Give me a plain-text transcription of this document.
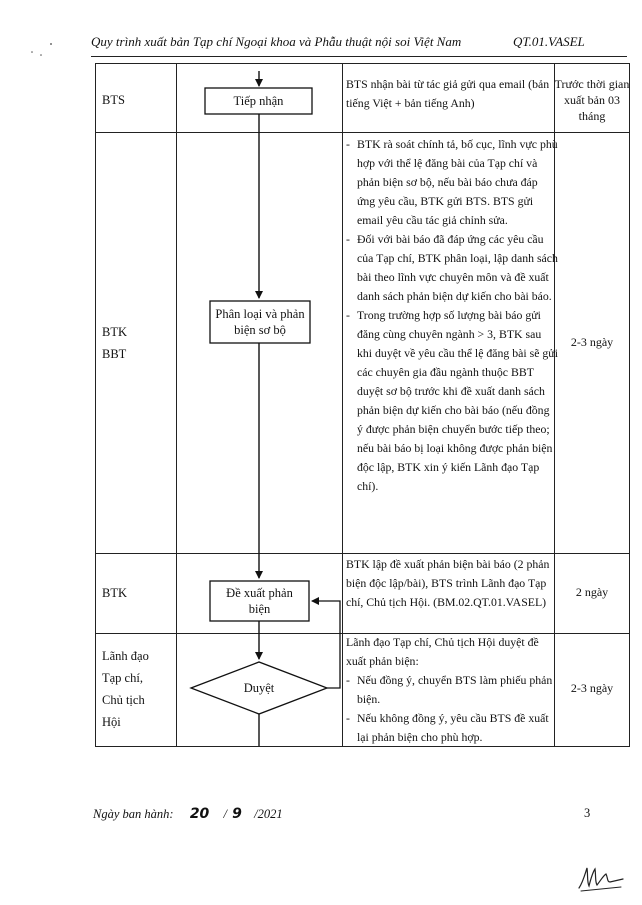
Quy trình xuất bản Tạp chí Ngoại khoa và Phẫu thuật nội soi Việt Nam	QT.01.VASEL
Tiếp nhận
Phân loại và phản biện sơ bộ
Đề xuất phản biện
Duyệt
BTS

BTS nhận bài từ tác giả gửi qua email (bản tiếng Việt + bản tiếng Anh)

Trước thời gian xuất bản 03 tháng
BTK
BBT
- BTK rà soát chính tả, bố cục, lĩnh vực phù hợp với thể lệ đăng bài của Tạp chí và phản biện sơ bộ, nếu bài báo chưa đáp ứng yêu cầu, BTK gửi BTS. BTS gửi email yêu cầu tác giả chỉnh sửa.
- Đối với bài báo đã đáp ứng các yêu cầu của Tạp chí, BTK phân loại, lập danh sách bài theo lĩnh vực chuyên môn và đề xuất danh sách phản biện dự kiến cho bài báo.
- Trong trường hợp số lượng bài báo gửi đăng cùng chuyên ngành > 3, BTK sau khi duyệt về yêu cầu thể lệ đăng bài sẽ gửi các chuyên gia đầu ngành thuộc BBT duyệt sơ bộ trước khi đề xuất danh sách phản biện dự kiến cho bài báo (nếu đồng ý được phản biện chuyển bước tiếp theo; nếu bài báo bị loại không được phản biện độc lập, BTK xin ý kiến Lãnh đạo Tạp chí).
2-3 ngày
BTK

BTK lập đề xuất phản biện bài báo (2 phản biện độc lập/bài), BTS trình Lãnh đạo Tạp chí, Chủ tịch Hội. (BM.02.QT.01.VASEL)

2 ngày
Lãnh đạo
Tạp chí,
Chủ tịch
Hội

Lãnh đạo Tạp chí, Chủ tịch Hội duyệt đề xuất phản biện:

- Nếu đồng ý, chuyển BTS làm phiếu phản biện.
- Nếu không đồng ý, yêu cầu BTS đề xuất lại phản biện cho phù hợp.
2-3 ngày
Ngày ban hành: 20 / 9 /2021	3
